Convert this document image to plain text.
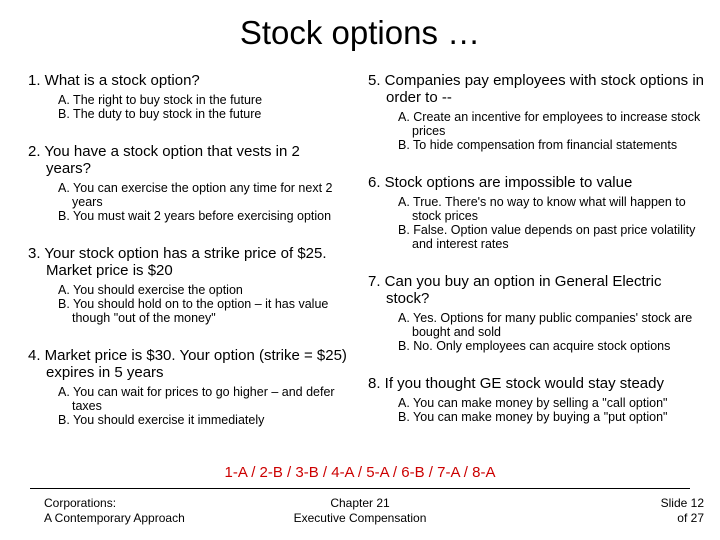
Stock options …
1. What is a stock option?
A. The right to buy stock in the future
B. The duty to buy stock in the future
2. You have a stock option that vests in 2 years?
A. You can exercise the option any time for next 2 years
B. You must wait 2 years before exercising option
3. Your stock option has a strike price of $25. Market price is $20
A. You should exercise the option
B. You should hold on to the option – it has value though "out of the money"
4. Market price is $30. Your option (strike = $25) expires in 5 years
A. You can wait for prices to go higher – and defer taxes
B. You should exercise it immediately
5. Companies pay employees with stock options in order to --
A. Create an incentive for employees to increase stock prices
B. To hide compensation from financial statements
6. Stock options are impossible to value
A. True. There's no way to know what will happen to stock prices
B. False. Option value depends on past price volatility and interest rates
7. Can you buy an option in General Electric stock?
A. Yes. Options for many public companies' stock are bought and sold
B. No. Only employees can acquire stock options
8. If you thought GE stock would stay steady
A. You can make money by selling a "call option"
B. You can make money by buying a "put option"
1-A / 2-B / 3-B / 4-A / 5-A / 6-B / 7-A / 8-A
Corporations:
A Contemporary Approach
Chapter 21
Executive Compensation
Slide 12
of 27
